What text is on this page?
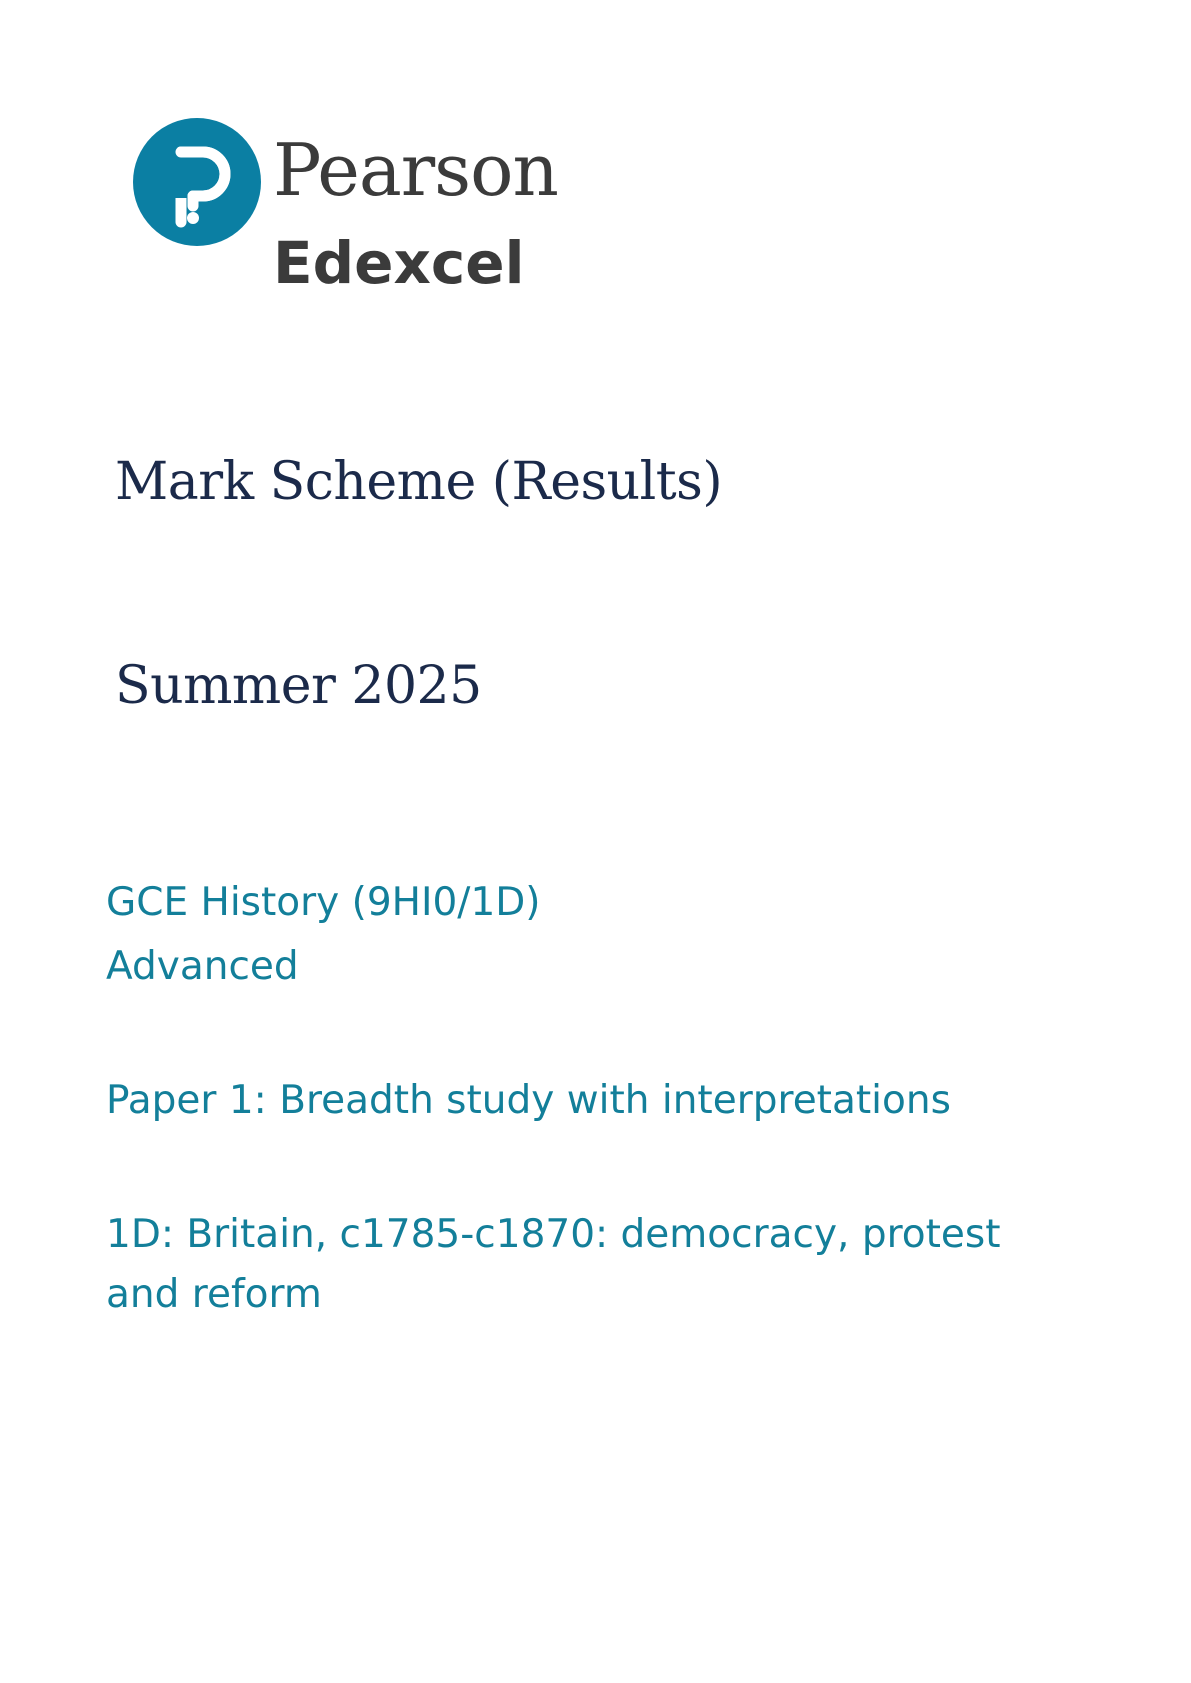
Pearson
Edexcel
Mark Scheme (Results)
Summer 2025
GCE History (9HI0/1D)
Advanced
Paper 1: Breadth study with interpretations
1D: Britain, c1785-c1870: democracy, protest and reform
